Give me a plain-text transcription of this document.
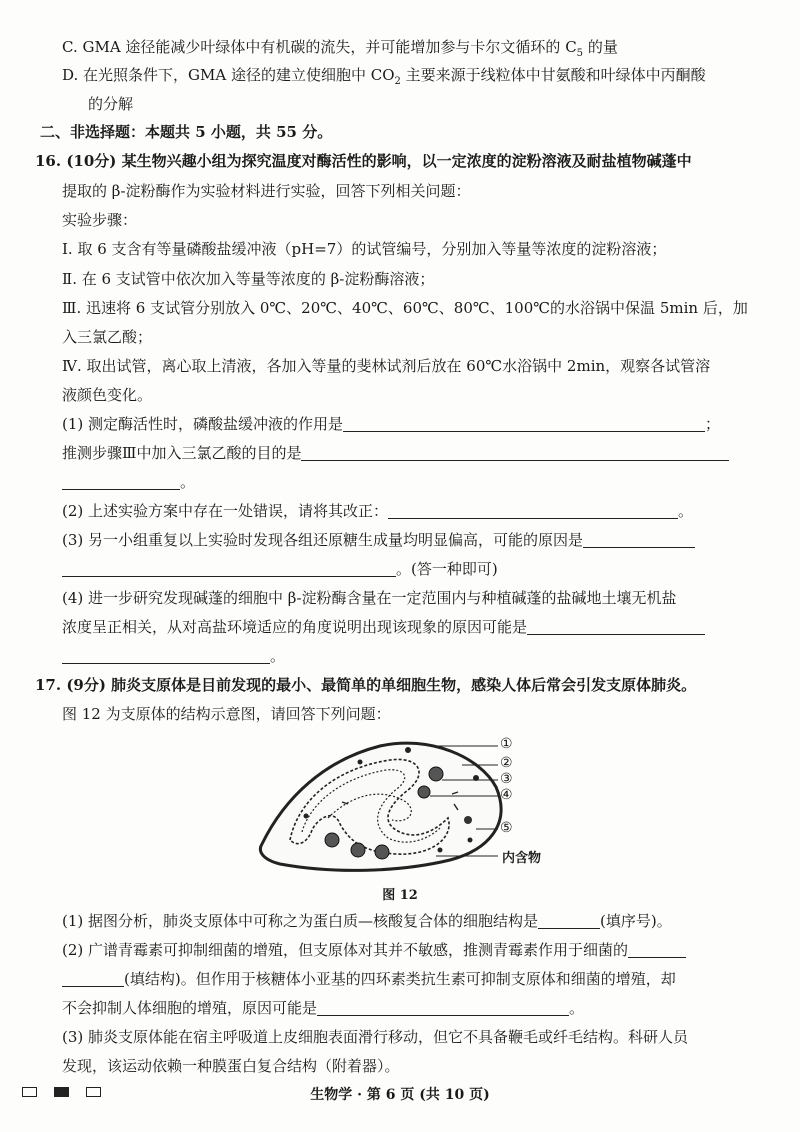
C. GMA 途径能减少叶绿体中有机碳的流失，并可能增加参与卡尔文循环的 $C_5$ 的量
D. 在光照条件下，GMA 途径的建立使细胞中 $CO_2$ 主要来源于线粒体中甘氨酸和叶绿体中丙酮酸
的分解
二、非选择题：本题共 5 小题，共 55 分。
16. (10分) 某生物兴趣小组为探究温度对酶活性的影响，以一定浓度的淀粉溶液及耐盐植物碱蓬中
提取的 β-淀粉酶作为实验材料进行实验，回答下列相关问题：
实验步骤：
Ⅰ. 取 6 支含有等量磷酸盐缓冲液（pH=7）的试管编号，分别加入等量等浓度的淀粉溶液；
Ⅱ. 在 6 支试管中依次加入等量等浓度的 β-淀粉酶溶液；
Ⅲ. 迅速将 6 支试管分别放入 0℃、20℃、40℃、60℃、80℃、100℃的水浴锅中保温 5min 后，加
入三氯乙酸；
Ⅳ. 取出试管，离心取上清液，各加入等量的斐林试剂后放在 60℃水浴锅中 2min，观察各试管溶
液颜色变化。
(1) 测定酶活性时，磷酸盐缓冲液的作用是	；
推测步骤Ⅲ中加入三氯乙酸的目的是
。
(2) 上述实验方案中存在一处错误，请将其改正：	。
(3) 另一小组重复以上实验时发现各组还原糖生成量均明显偏高，可能的原因是
。(答一种即可)
(4) 进一步研究发现碱蓬的细胞中 β-淀粉酶含量在一定范围内与种植碱蓬的盐碱地土壤无机盐
浓度呈正相关，从对高盐环境适应的角度说明出现该现象的原因可能是
。
17. (9分) 肺炎支原体是目前发现的最小、最简单的单细胞生物，感染人体后常会引发支原体肺炎。
图 12 为支原体的结构示意图，请回答下列问题：
①
②
③
④
⑤
内含物
图 12
(1) 据图分析，肺炎支原体中可称之为蛋白质—核酸复合体的细胞结构是	(填序号)。
(2) 广谱青霉素可抑制细菌的增殖，但支原体对其并不敏感，推测青霉素作用于细菌的
(填结构)。但作用于核糖体小亚基的四环素类抗生素可抑制支原体和细菌的增殖，却
不会抑制人体细胞的增殖，原因可能是	。
(3) 肺炎支原体能在宿主呼吸道上皮细胞表面滑行移动，但它不具备鞭毛或纤毛结构。科研人员
发现，该运动依赖一种膜蛋白复合结构（附着器）。
生物学 · 第 6 页 (共 10 页)
